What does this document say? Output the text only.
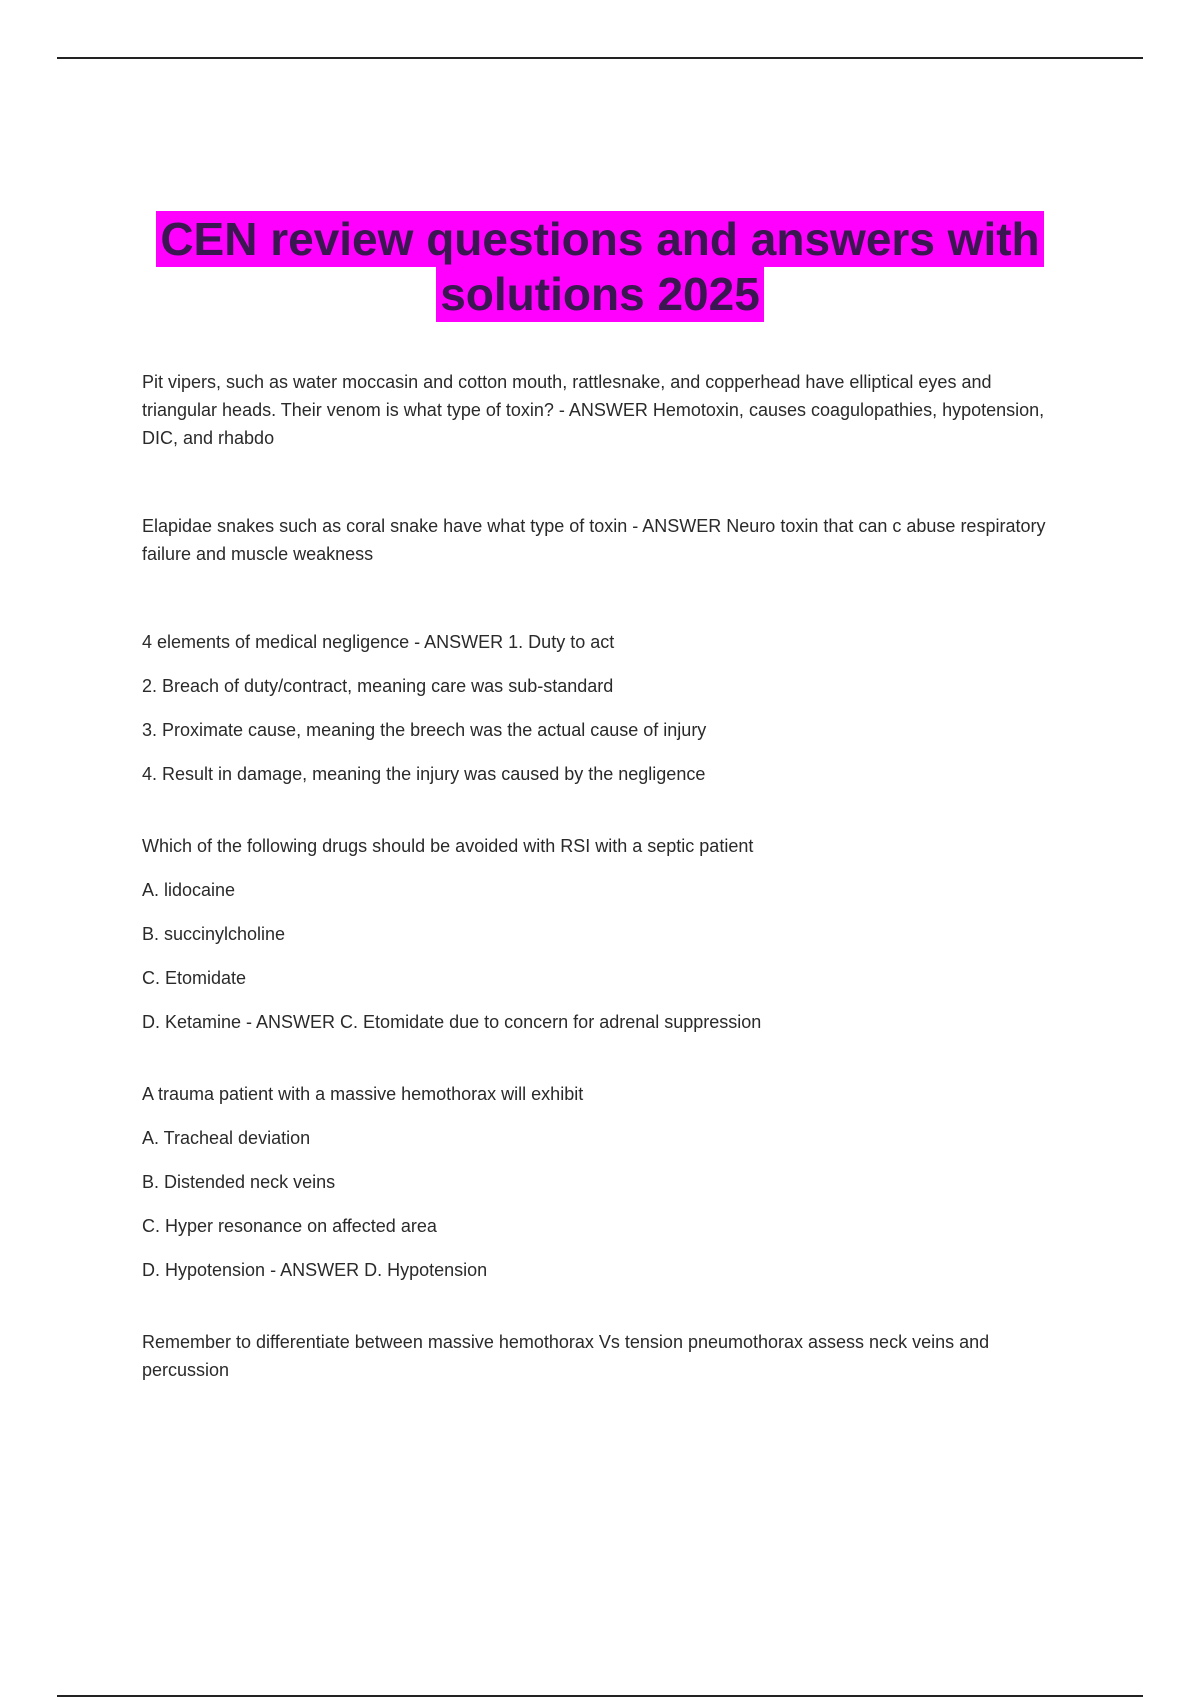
CEN review questions and answers with
solutions 2025

Pit vipers, such as water moccasin and cotton mouth, rattlesnake, and copperhead have elliptical eyes and triangular heads. Their venom is what type of toxin? - ANSWER Hemotoxin, causes coagulopathies, hypotension, DIC, and rhabdo

Elapidae snakes such as coral snake have what type of toxin - ANSWER Neuro toxin that can c abuse respiratory failure and muscle weakness

4 elements of medical negligence - ANSWER 1. Duty to act

2. Breach of duty/contract, meaning care was sub-standard

3. Proximate cause, meaning the breech was the actual cause of injury

4. Result in damage, meaning the injury was caused by the negligence

Which of the following drugs should be avoided with RSI with a septic patient

A. lidocaine

B. succinylcholine

C. Etomidate

D. Ketamine - ANSWER C. Etomidate due to concern for adrenal suppression

A trauma patient with a massive hemothorax will exhibit

A. Tracheal deviation

B. Distended neck veins

C. Hyper resonance on affected area

D. Hypotension - ANSWER D. Hypotension

Remember to differentiate between massive hemothorax Vs tension pneumothorax assess neck veins and percussion
